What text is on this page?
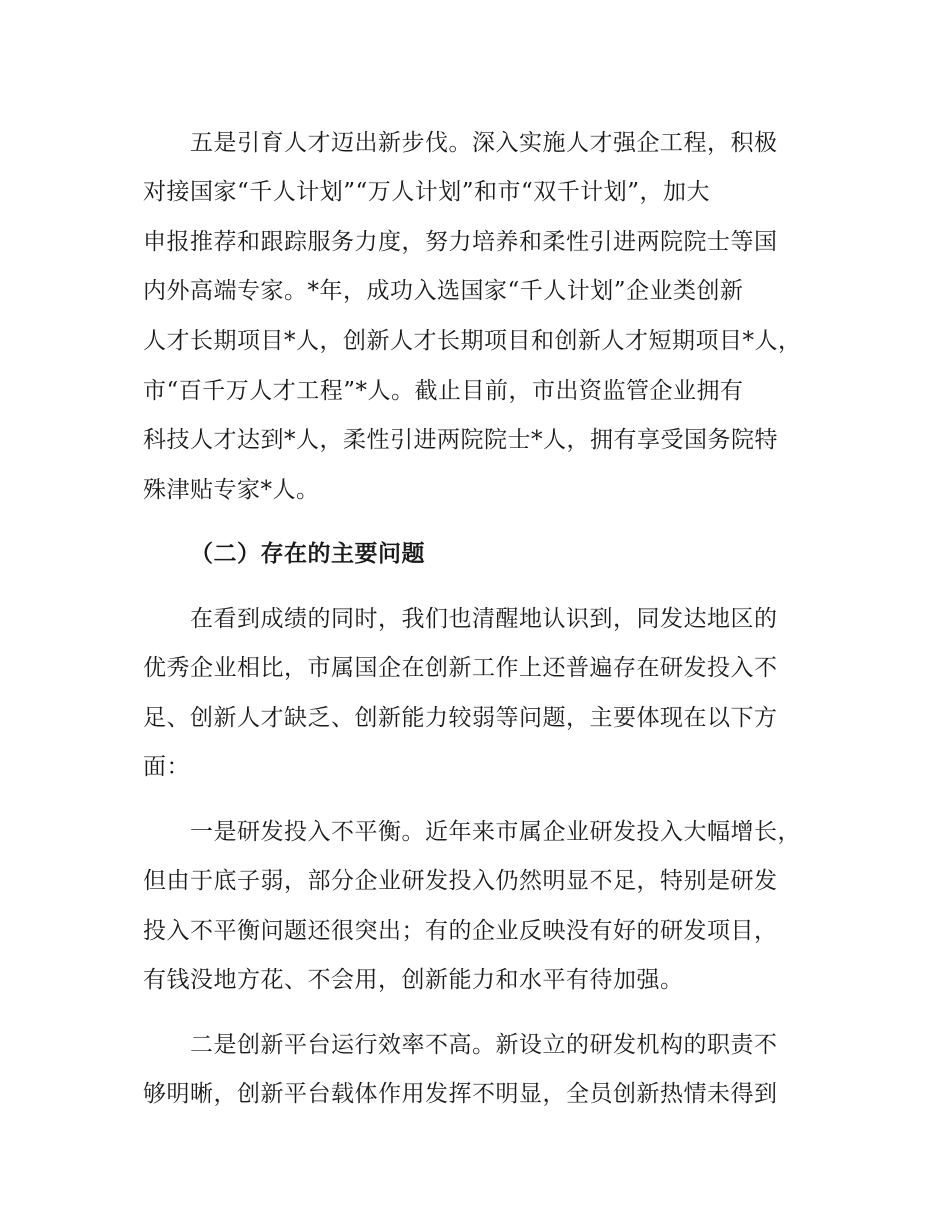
五是引育人才迈出新步伐。深入实施人才强企工程，积极

对接国家“千人计划”“万人计划”和市“双千计划”，加大

申报推荐和跟踪服务力度，努力培养和柔性引进两院院士等国

内外高端专家。*年，成功入选国家“千人计划”企业类创新

人才长期项目*人，创新人才长期项目和创新人才短期项目*人，

市“百千万人才工程”*人。截止目前，市出资监管企业拥有

科技人才达到*人，柔性引进两院院士*人，拥有享受国务院特

殊津贴专家*人。

（二）存在的主要问题

在看到成绩的同时，我们也清醒地认识到，同发达地区的

优秀企业相比，市属国企在创新工作上还普遍存在研发投入不

足、创新人才缺乏、创新能力较弱等问题，主要体现在以下方

面：

一是研发投入不平衡。近年来市属企业研发投入大幅增长，

但由于底子弱，部分企业研发投入仍然明显不足，特别是研发

投入不平衡问题还很突出；有的企业反映没有好的研发项目，

有钱没地方花、不会用，创新能力和水平有待加强。

二是创新平台运行效率不高。新设立的研发机构的职责不

够明晰，创新平台载体作用发挥不明显，全员创新热情未得到
